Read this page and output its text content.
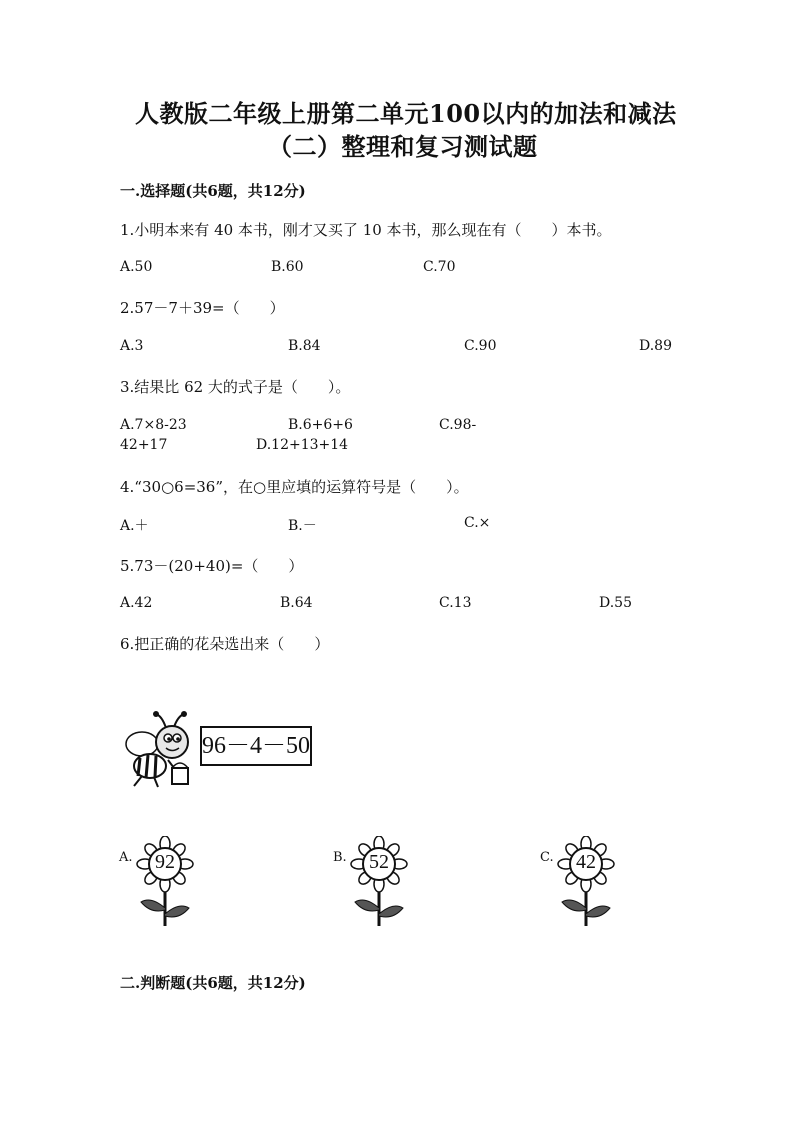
人教版二年级上册第二单元100以内的加法和减法
（二）整理和复习测试题
一.选择题(共6题，共12分)
1.小明本来有 40 本书，刚才又买了 10 本书，那么现在有（　　）本书。
A.50	B.60	C.70
2.57－7＋39=（　　）
A.3	B.84	C.90	D.89
3.结果比 62 大的式子是（　　）。
A.7×8-23	B.6+6+6	C.98-
42+17	D.12+13+14
4.“30○6=36”，在○里应填的运算符号是（　　）。
A.＋	B.－	C.×
5.73－(20+40)=（　　）
A.42	B.64	C.13	D.55
6.把正确的花朵选出来（　　）
96－4－50
A.	92	B.	52	C.	42
二.判断题(共6题，共12分)
